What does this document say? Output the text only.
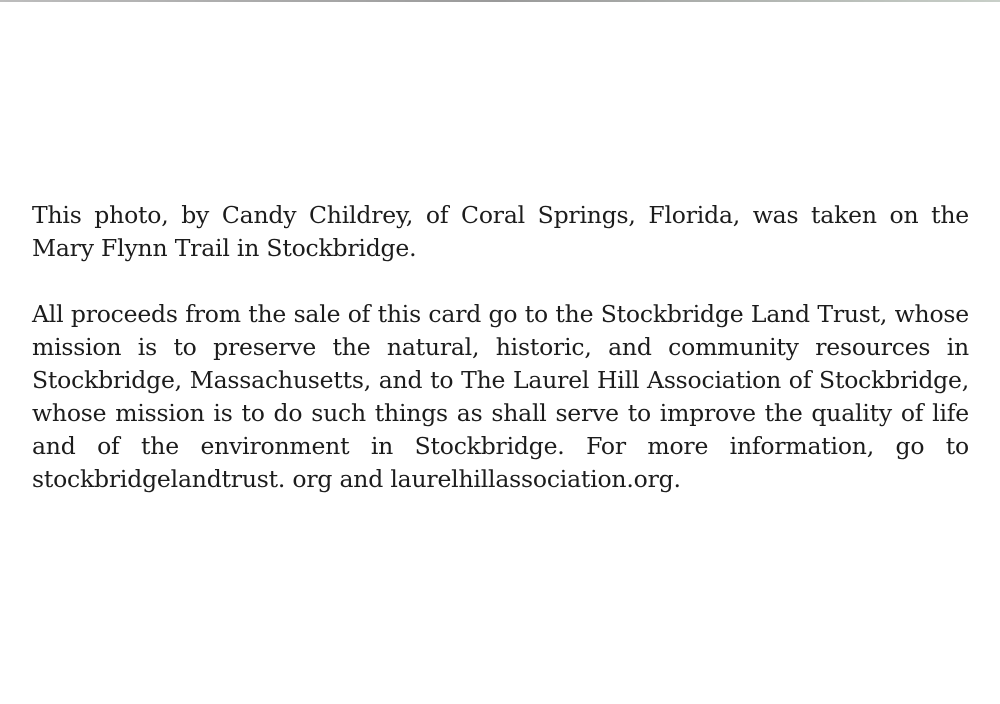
This photo, by Candy Childrey, of Coral Springs, Florida, was taken on the Mary Flynn Trail in Stockbridge.

All proceeds from the sale of this card go to the Stockbridge Land Trust, whose mission is to preserve the natural, historic, and community resources in Stockbridge, Massachusetts, and to The Laurel Hill Association of Stockbridge, whose mission is to do such things as shall serve to improve the quality of life and of the environment in Stockbridge. For more information, go to stockbridgelandtrust. org and laurelhillassociation.org.
